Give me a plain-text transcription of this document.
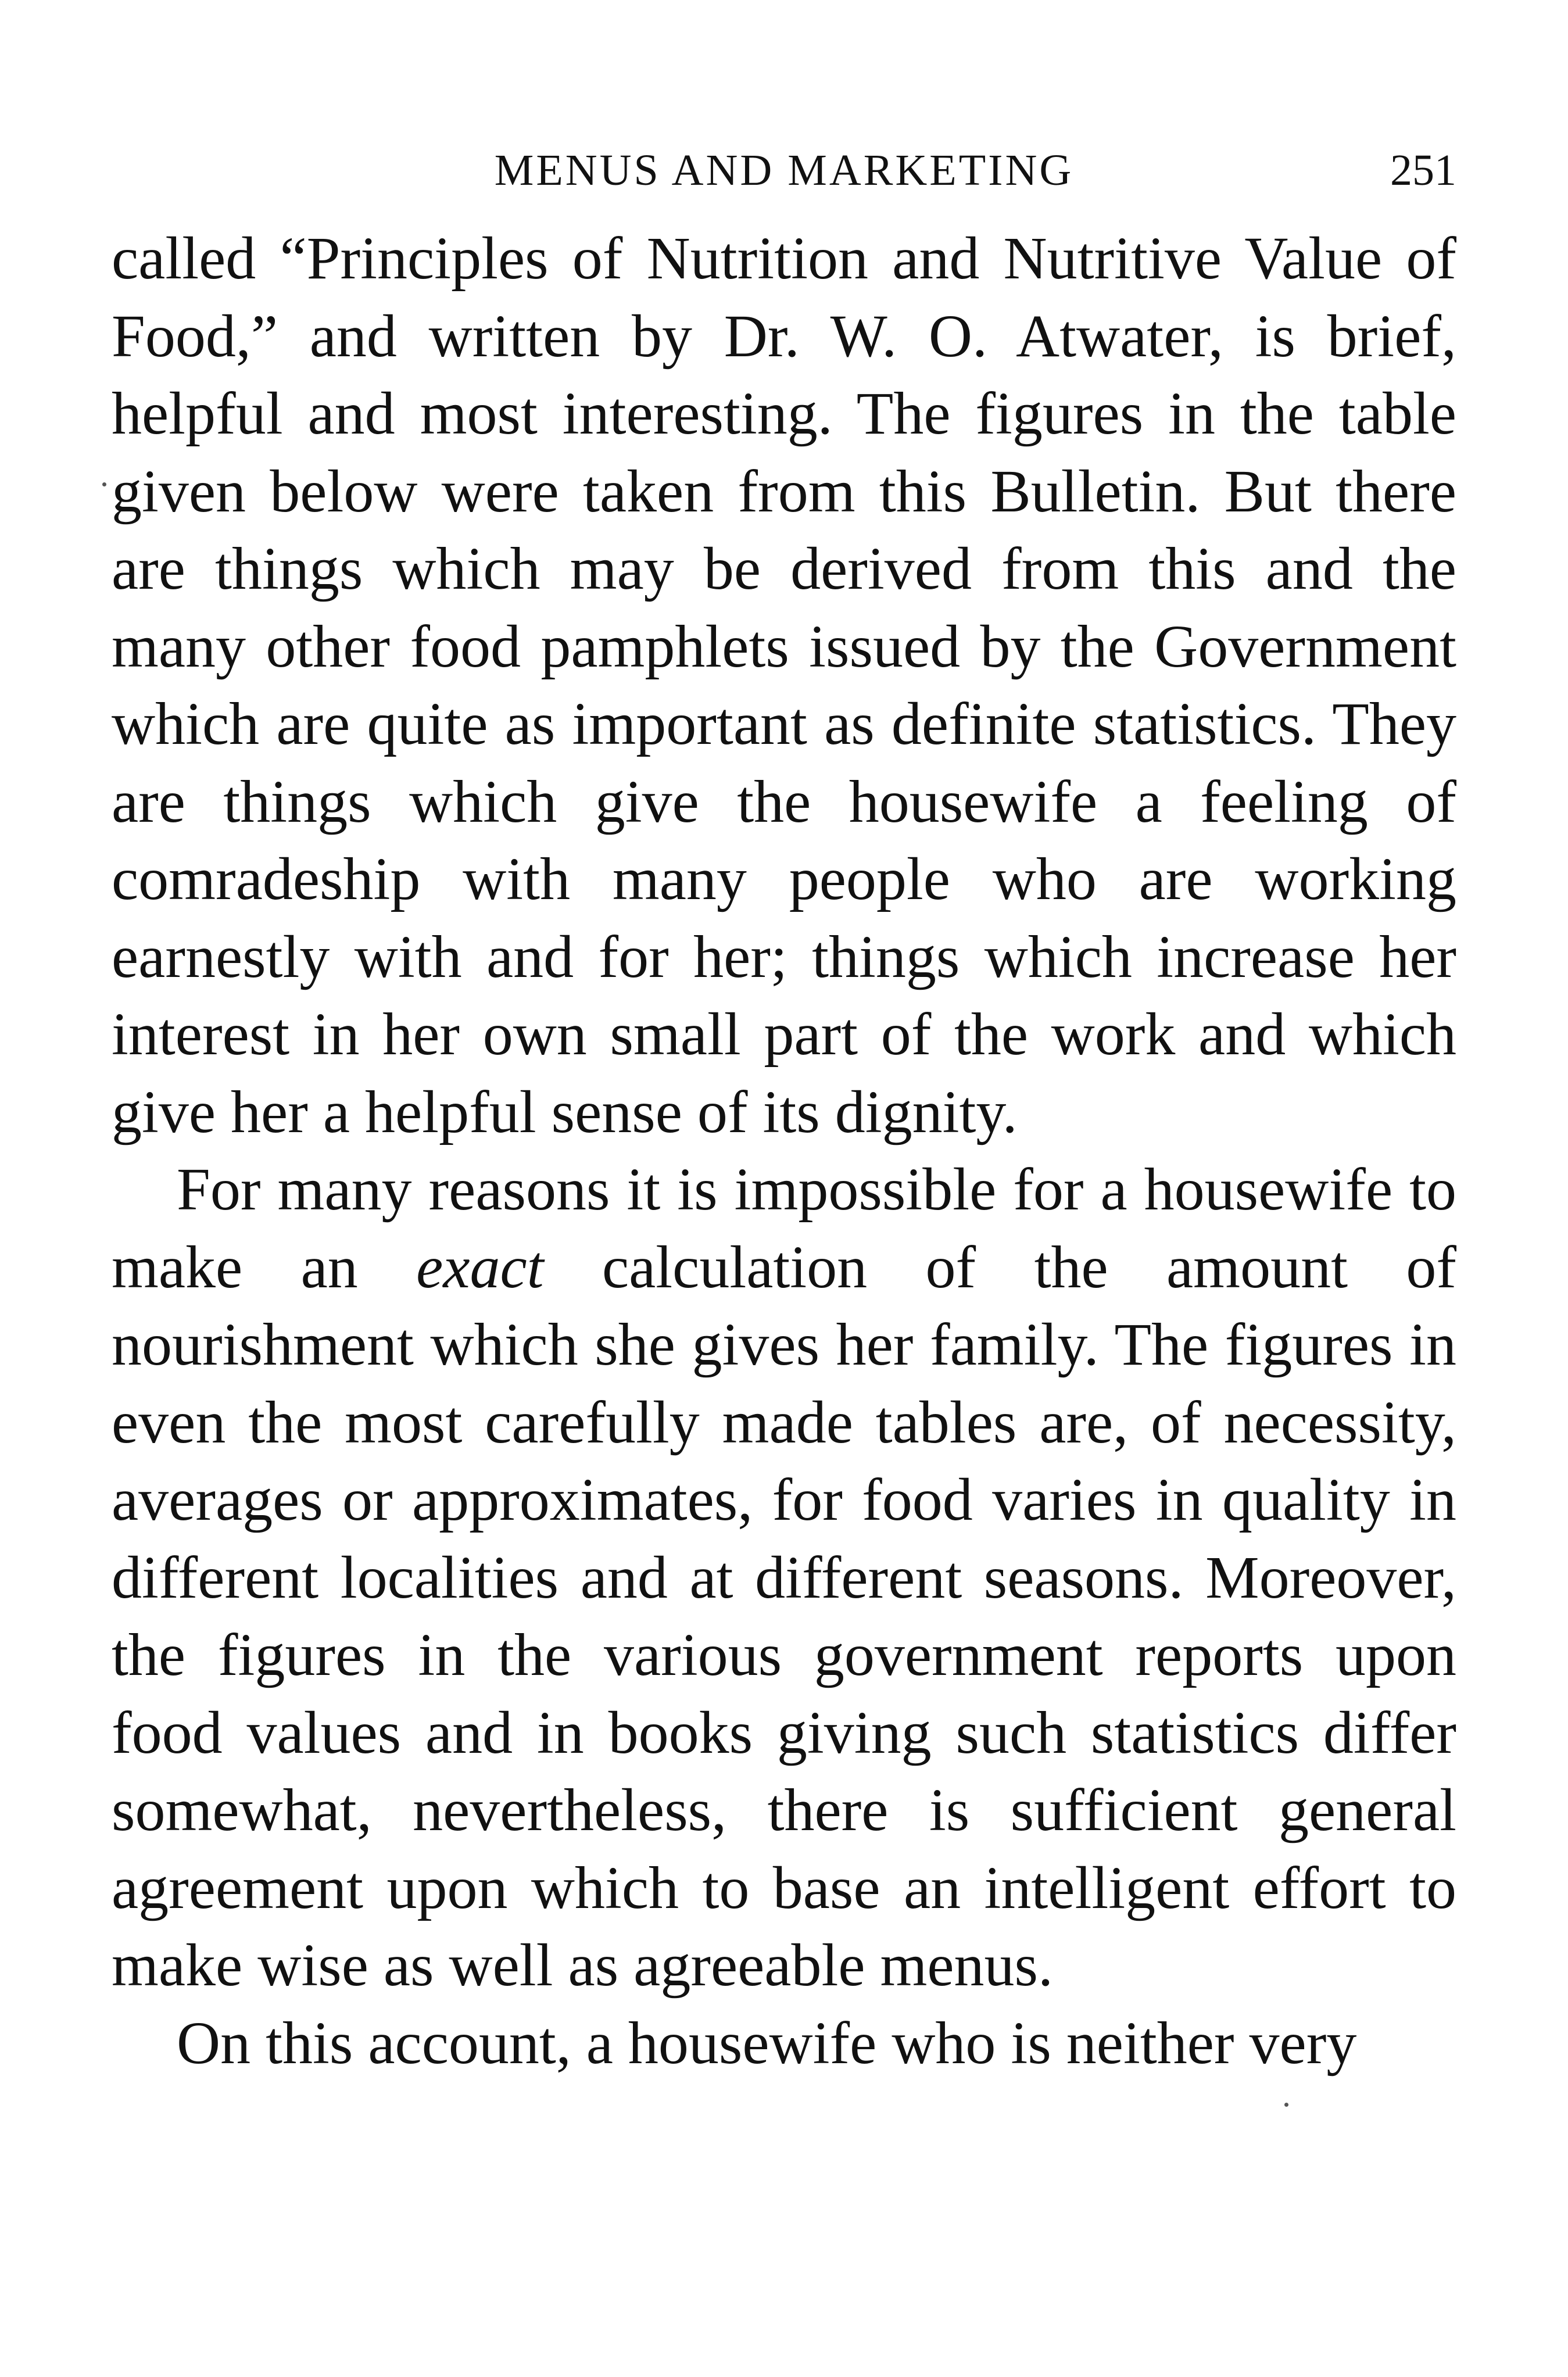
MENUS AND MARKETING	251

called “Principles of Nutrition and Nutritive Value of Food,” and written by Dr. W. O. Atwater, is brief, helpful and most interesting. The figures in the table given below were taken from this Bulletin. But there are things which may be derived from this and the many other food pamphlets issued by the Government which are quite as important as definite statistics. They are things which give the housewife a feeling of comradeship with many people who are working earnestly with and for her; things which increase her interest in her own small part of the work and which give her a helpful sense of its dignity.

For many reasons it is impossible for a housewife to make an exact calculation of the amount of nourishment which she gives her family. The figures in even the most carefully made tables are, of necessity, averages or approximates, for food varies in quality in different localities and at different seasons. Moreover, the figures in the various government reports upon food values and in books giving such statistics differ somewhat, nevertheless, there is sufficient general agreement upon which to base an intelligent effort to make wise as well as agreeable menus.

On this account, a housewife who is neither very
